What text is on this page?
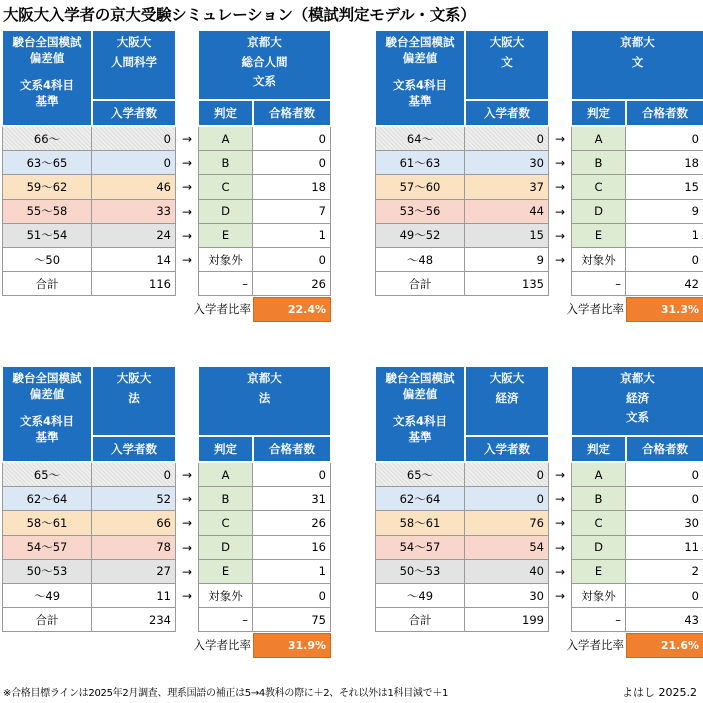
大阪大入学者の京大受験シミュレーション（模試判定モデル・文系）
駿台全国模試
偏差値
文系4科目
基準
大阪大
人間科学
入学者数
京都大
総合人間
文系
判定	合格者数
66～	0 →	A	0
63～65	0 →	B	0
59～62	46 →	C	18
55～58	33 →	D	7
51～54	24 →	E	1
～50	14 →	対象外	0
合計	116	–	26
入学者比率	22.4%
駿台全国模試
偏差値
文系4科目
基準
大阪大
文
入学者数
京都大
文
判定	合格者数
64～	0 →	A	0
61～63	30 →	B	18
57～60	37 →	C	15
53～56	44 →	D	9
49～52	15 →	E	1
～48	9 →	対象外	0
合計	135	–	42
入学者比率	31.3%
駿台全国模試
偏差値
文系4科目
基準
大阪大
法
入学者数
京都大
法
判定	合格者数
65～	0 →	A	0
62～64	52 →	B	31
58～61	66 →	C	26
54～57	78 →	D	16
50～53	27 →	E	1
～49	11 →	対象外	0
合計	234	–	75
入学者比率	31.9%
駿台全国模試
偏差値
文系4科目
基準
大阪大
経済
入学者数
京都大
経済
文系
判定	合格者数
65～	0 →	A	0
62～64	0 →	B	0
58～61	76 →	C	30
54～57	54 →	D	11
50～53	40 →	E	2
～49	30 →	対象外	0
合計	199	–	43
入学者比率	21.6%
※合格目標ラインは2025年2月調査、理系国語の補正は5→4教科の際に＋2、それ以外は1科目減で＋1	よはし 2025.2
